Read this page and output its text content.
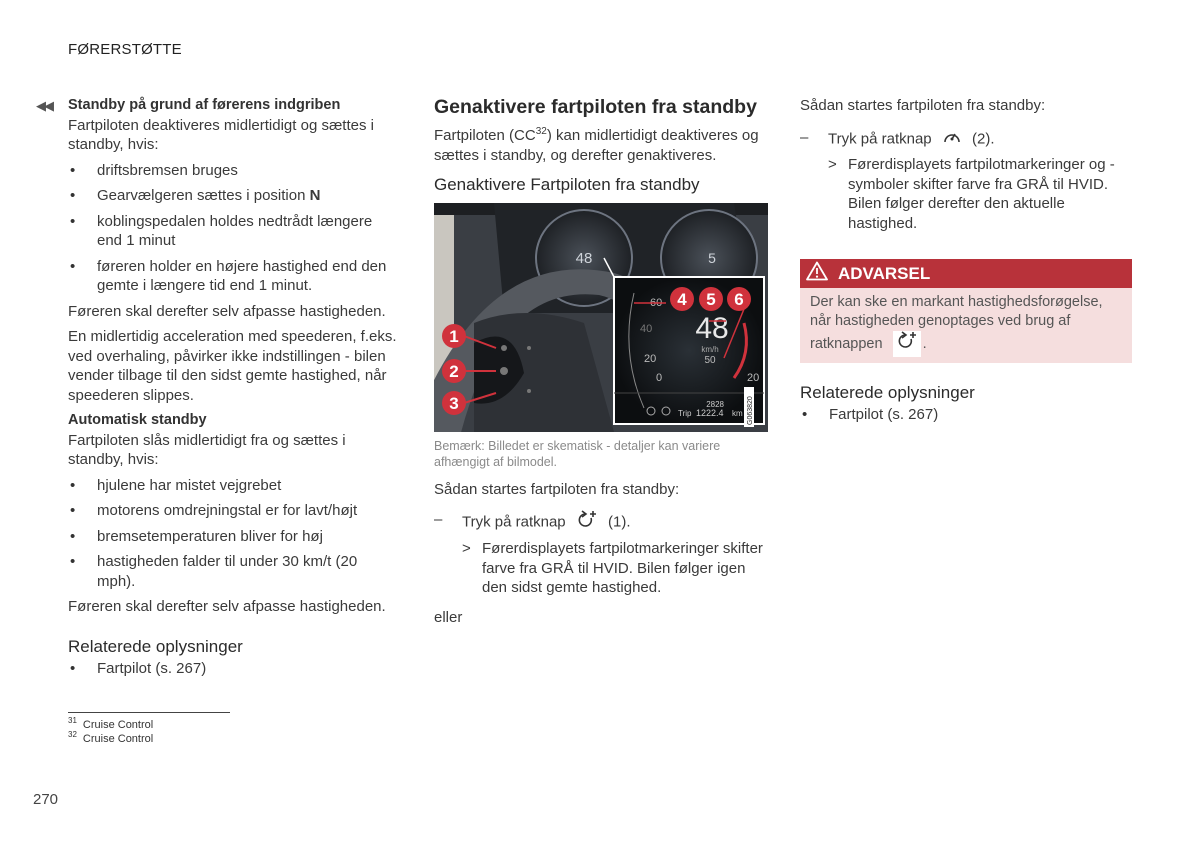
FØRERSTØTTE
◀◀ Standby på grund af førerens indgriben

Fartpiloten deaktiveres midlertidigt og sættes i standby, hvis:

• driftsbremsen bruges
• Gearvælgeren sættes i position N
• koblingspedalen holdes nedtrådt længere end 1 minut
• føreren holder en højere hastighed end den gemte i længere tid end 1 minut.

Føreren skal derefter selv afpasse hastigheden.

En midlertidig acceleration med speederen, f.eks. ved overhaling, påvirker ikke indstillingen - bilen vender tilbage til den sidst gemte hastighed, når speederen slippes.

Automatisk standby

Fartpiloten slås midlertidigt fra og sættes i standby, hvis:

• hjulene har mistet vejgrebet
• motorens omdrejningstal er for lavt/højt
• bremsetemperaturen bliver for høj
• hastigheden falder til under 30 km/t (20 mph).

Føreren skal derefter selv afpasse hastigheden.

Relaterede oplysninger
• Fartpilot (s. 267)
Genaktivere fartpiloten fra standby

Fartpiloten (CC$^{32}$) kan midlertidigt deaktiveres og sættes i standby, og derefter genaktiveres.

Genaktivere Fartpiloten fra standby
48	5
1
2
3
60
40
20
0	20
48
km/h
50
4 5 6
2828
Trip 1222.4 km G063820

Bemærk: Billedet er skematisk - detaljer kan variere afhængigt af bilmodel.

Sådan startes fartpiloten fra standby:

– Tryk på ratknap	(1).
> Førerdisplayets fartpilotmarkeringer skifter farve fra GRÅ til HVID. Bilen følger igen den sidst gemte hastighed.

eller

Sådan startes fartpiloten fra standby:

– Tryk på ratknap	(2).
> Førerdisplayets fartpilotmarkeringer og -symboler skifter farve fra GRÅ til HVID. Bilen følger derefter den aktuelle hastighed.
ADVARSEL
Der kan ske en markant hastighedsforøgelse, når hastigheden genoptages ved brug af ratknappen	.
Relaterede oplysninger
• Fartpilot (s. 267)
$^{31}$ Cruise Control
$^{32}$ Cruise Control
270
